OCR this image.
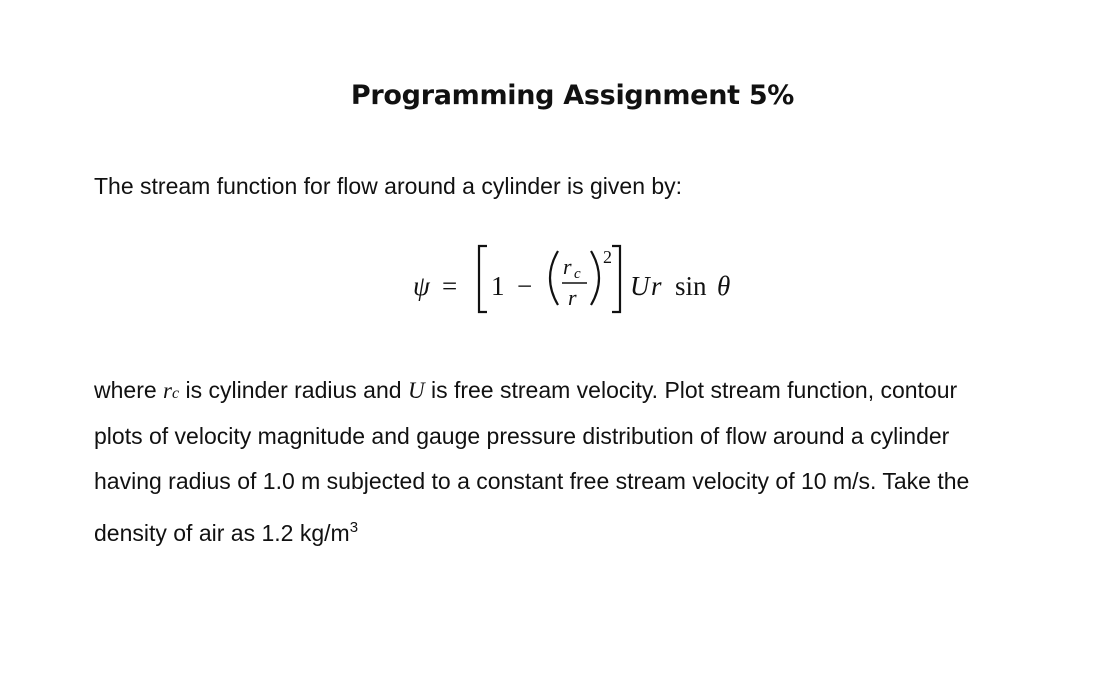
Programming Assignment 5%
The stream function for flow around a cylinder is given by:
ψ = 1 −
r c
r
2
U r sin θ
where rc is cylinder radius and U is free stream velocity. Plot stream function, contour
plots of velocity magnitude and gauge pressure distribution of flow around a cylinder
having radius of 1.0 m subjected to a constant free stream velocity of 10 m/s. Take the
density of air as 1.2 $kg/m^3$
